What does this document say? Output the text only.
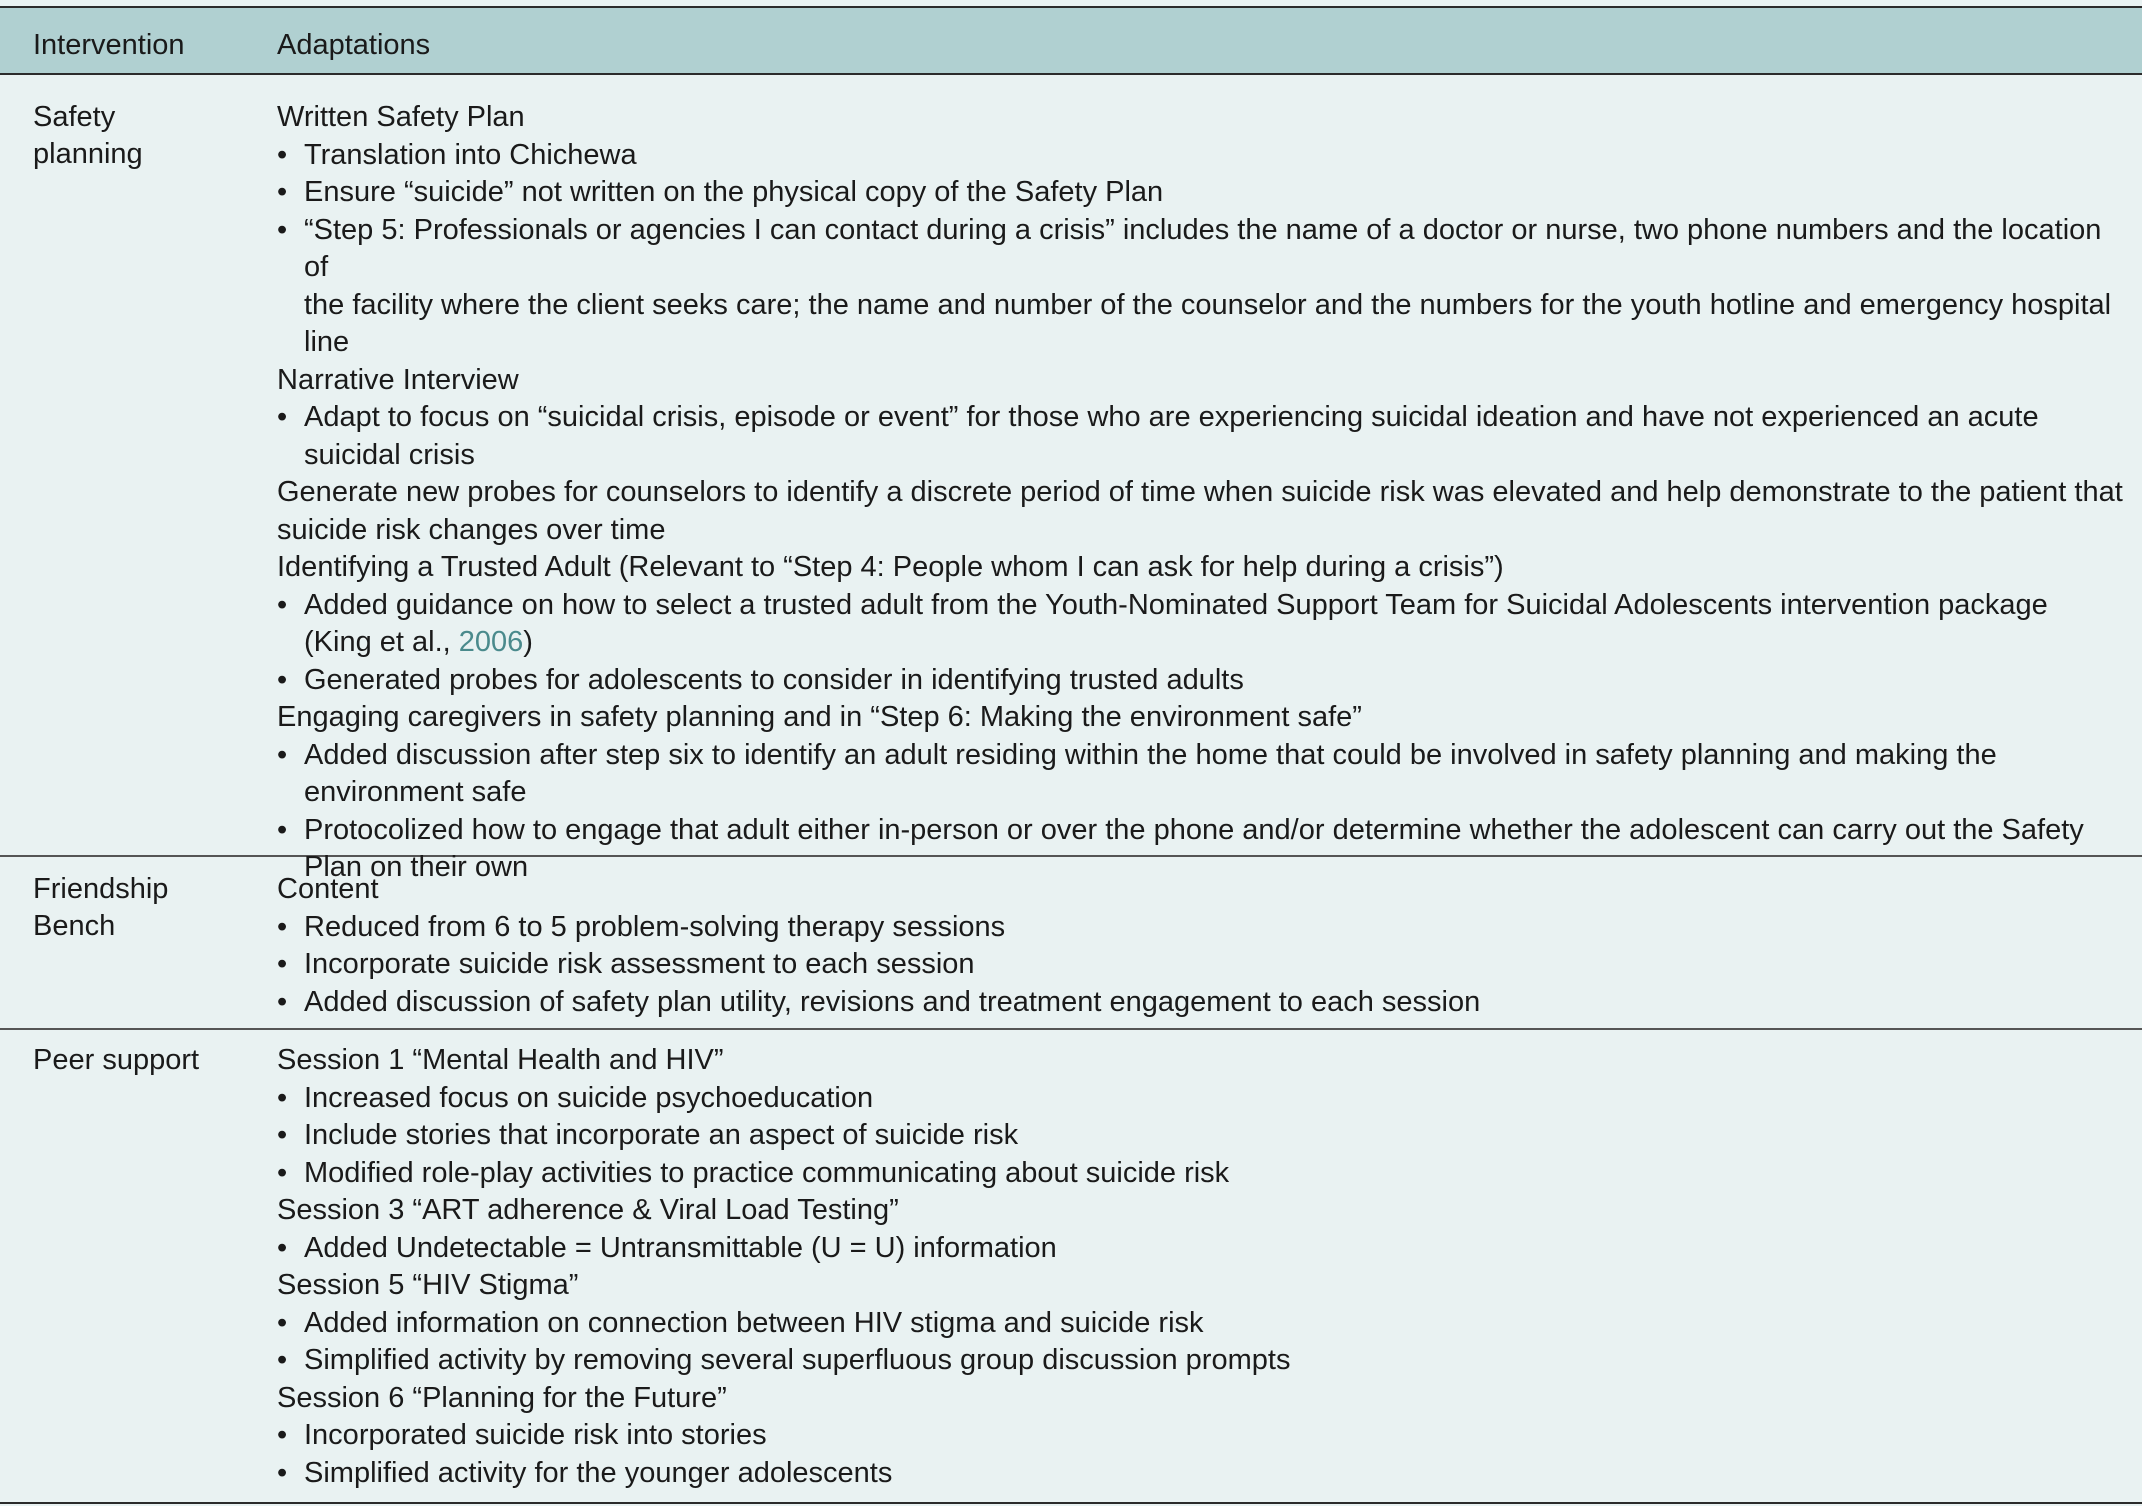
Intervention	Adaptations
Safety
planning
Written Safety Plan
• Translation into Chichewa
• Ensure “suicide” not written on the physical copy of the Safety Plan
• “Step 5: Professionals or agencies I can contact during a crisis” includes the name of a doctor or nurse, two phone numbers and the location of
the facility where the client seeks care; the name and number of the counselor and the numbers for the youth hotline and emergency hospital
line
Narrative Interview
• Adapt to focus on “suicidal crisis, episode or event” for those who are experiencing suicidal ideation and have not experienced an acute
suicidal crisis
Generate new probes for counselors to identify a discrete period of time when suicide risk was elevated and help demonstrate to the patient that
suicide risk changes over time
Identifying a Trusted Adult (Relevant to “Step 4: People whom I can ask for help during a crisis”)
• Added guidance on how to select a trusted adult from the Youth-Nominated Support Team for Suicidal Adolescents intervention package
(King et al., 2006)
• Generated probes for adolescents to consider in identifying trusted adults
Engaging caregivers in safety planning and in “Step 6: Making the environment safe”
• Added discussion after step six to identify an adult residing within the home that could be involved in safety planning and making the
environment safe
• Protocolized how to engage that adult either in-person or over the phone and/or determine whether the adolescent can carry out the Safety
Plan on their own
Friendship
Bench
Content
• Reduced from 6 to 5 problem-solving therapy sessions
• Incorporate suicide risk assessment to each session
• Added discussion of safety plan utility, revisions and treatment engagement to each session
Peer support	Session 1 “Mental Health and HIV”
• Increased focus on suicide psychoeducation
• Include stories that incorporate an aspect of suicide risk
• Modified role-play activities to practice communicating about suicide risk
Session 3 “ART adherence & Viral Load Testing”
• Added Undetectable = Untransmittable (U = U) information
Session 5 “HIV Stigma”
• Added information on connection between HIV stigma and suicide risk
• Simplified activity by removing several superfluous group discussion prompts
Session 6 “Planning for the Future”
• Incorporated suicide risk into stories
• Simplified activity for the younger adolescents
